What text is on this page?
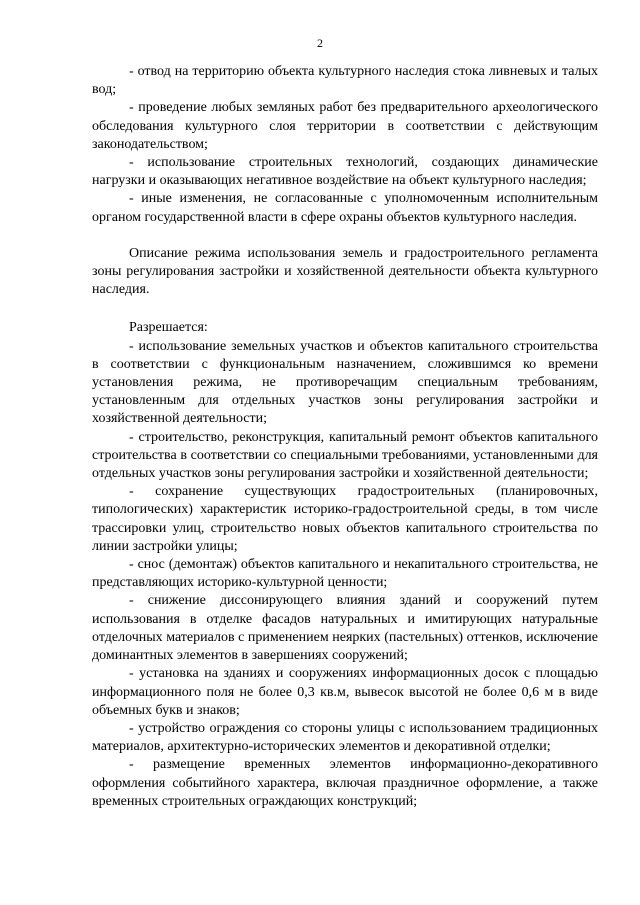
2

- отвод на территорию объекта культурного наследия стока ливневых и талых вод;

- проведение любых земляных работ без предварительного археологического обследования культурного слоя территории в соответствии с действующим законодательством;

- использование строительных технологий, создающих динамические нагрузки и оказывающих негативное воздействие на объект культурного наследия;

- иные изменения, не согласованные с уполномоченным исполнительным органом государственной власти в сфере охраны объектов культурного наследия.

Описание режима использования земель и градостроительного регламента зоны регулирования застройки и хозяйственной деятельности объекта культурного наследия.

Разрешается:

- использование земельных участков и объектов капитального строительства в соответствии с функциональным назначением, сложившимся ко времени установления режима, не противоречащим специальным требованиям, установленным для отдельных участков зоны регулирования застройки и хозяйственной деятельности;

- строительство, реконструкция, капитальный ремонт объектов капитального строительства в соответствии со специальными требованиями, установленными для отдельных участков зоны регулирования застройки и хозяйственной деятельности;

- сохранение существующих градостроительных (планировочных, типологических) характеристик историко-градостроительной среды, в том числе трассировки улиц, строительство новых объектов капитального строительства по линии застройки улицы;

- снос (демонтаж) объектов капитального и некапитального строительства, не представляющих историко-культурной ценности;

- снижение диссонирующего влияния зданий и сооружений путем использования в отделке фасадов натуральных и имитирующих натуральные отделочных материалов с применением неярких (пастельных) оттенков, исключение доминантных элементов в завершениях сооружений;

- установка на зданиях и сооружениях информационных досок с площадью информационного поля не более 0,3 кв.м, вывесок высотой не более 0,6 м в виде объемных букв и знаков;

- устройство ограждения со стороны улицы с использованием традиционных материалов, архитектурно-исторических элементов и декоративной отделки;

- размещение временных элементов информационно-декоративного оформления событийного характера, включая праздничное оформление, а также временных строительных ограждающих конструкций;
